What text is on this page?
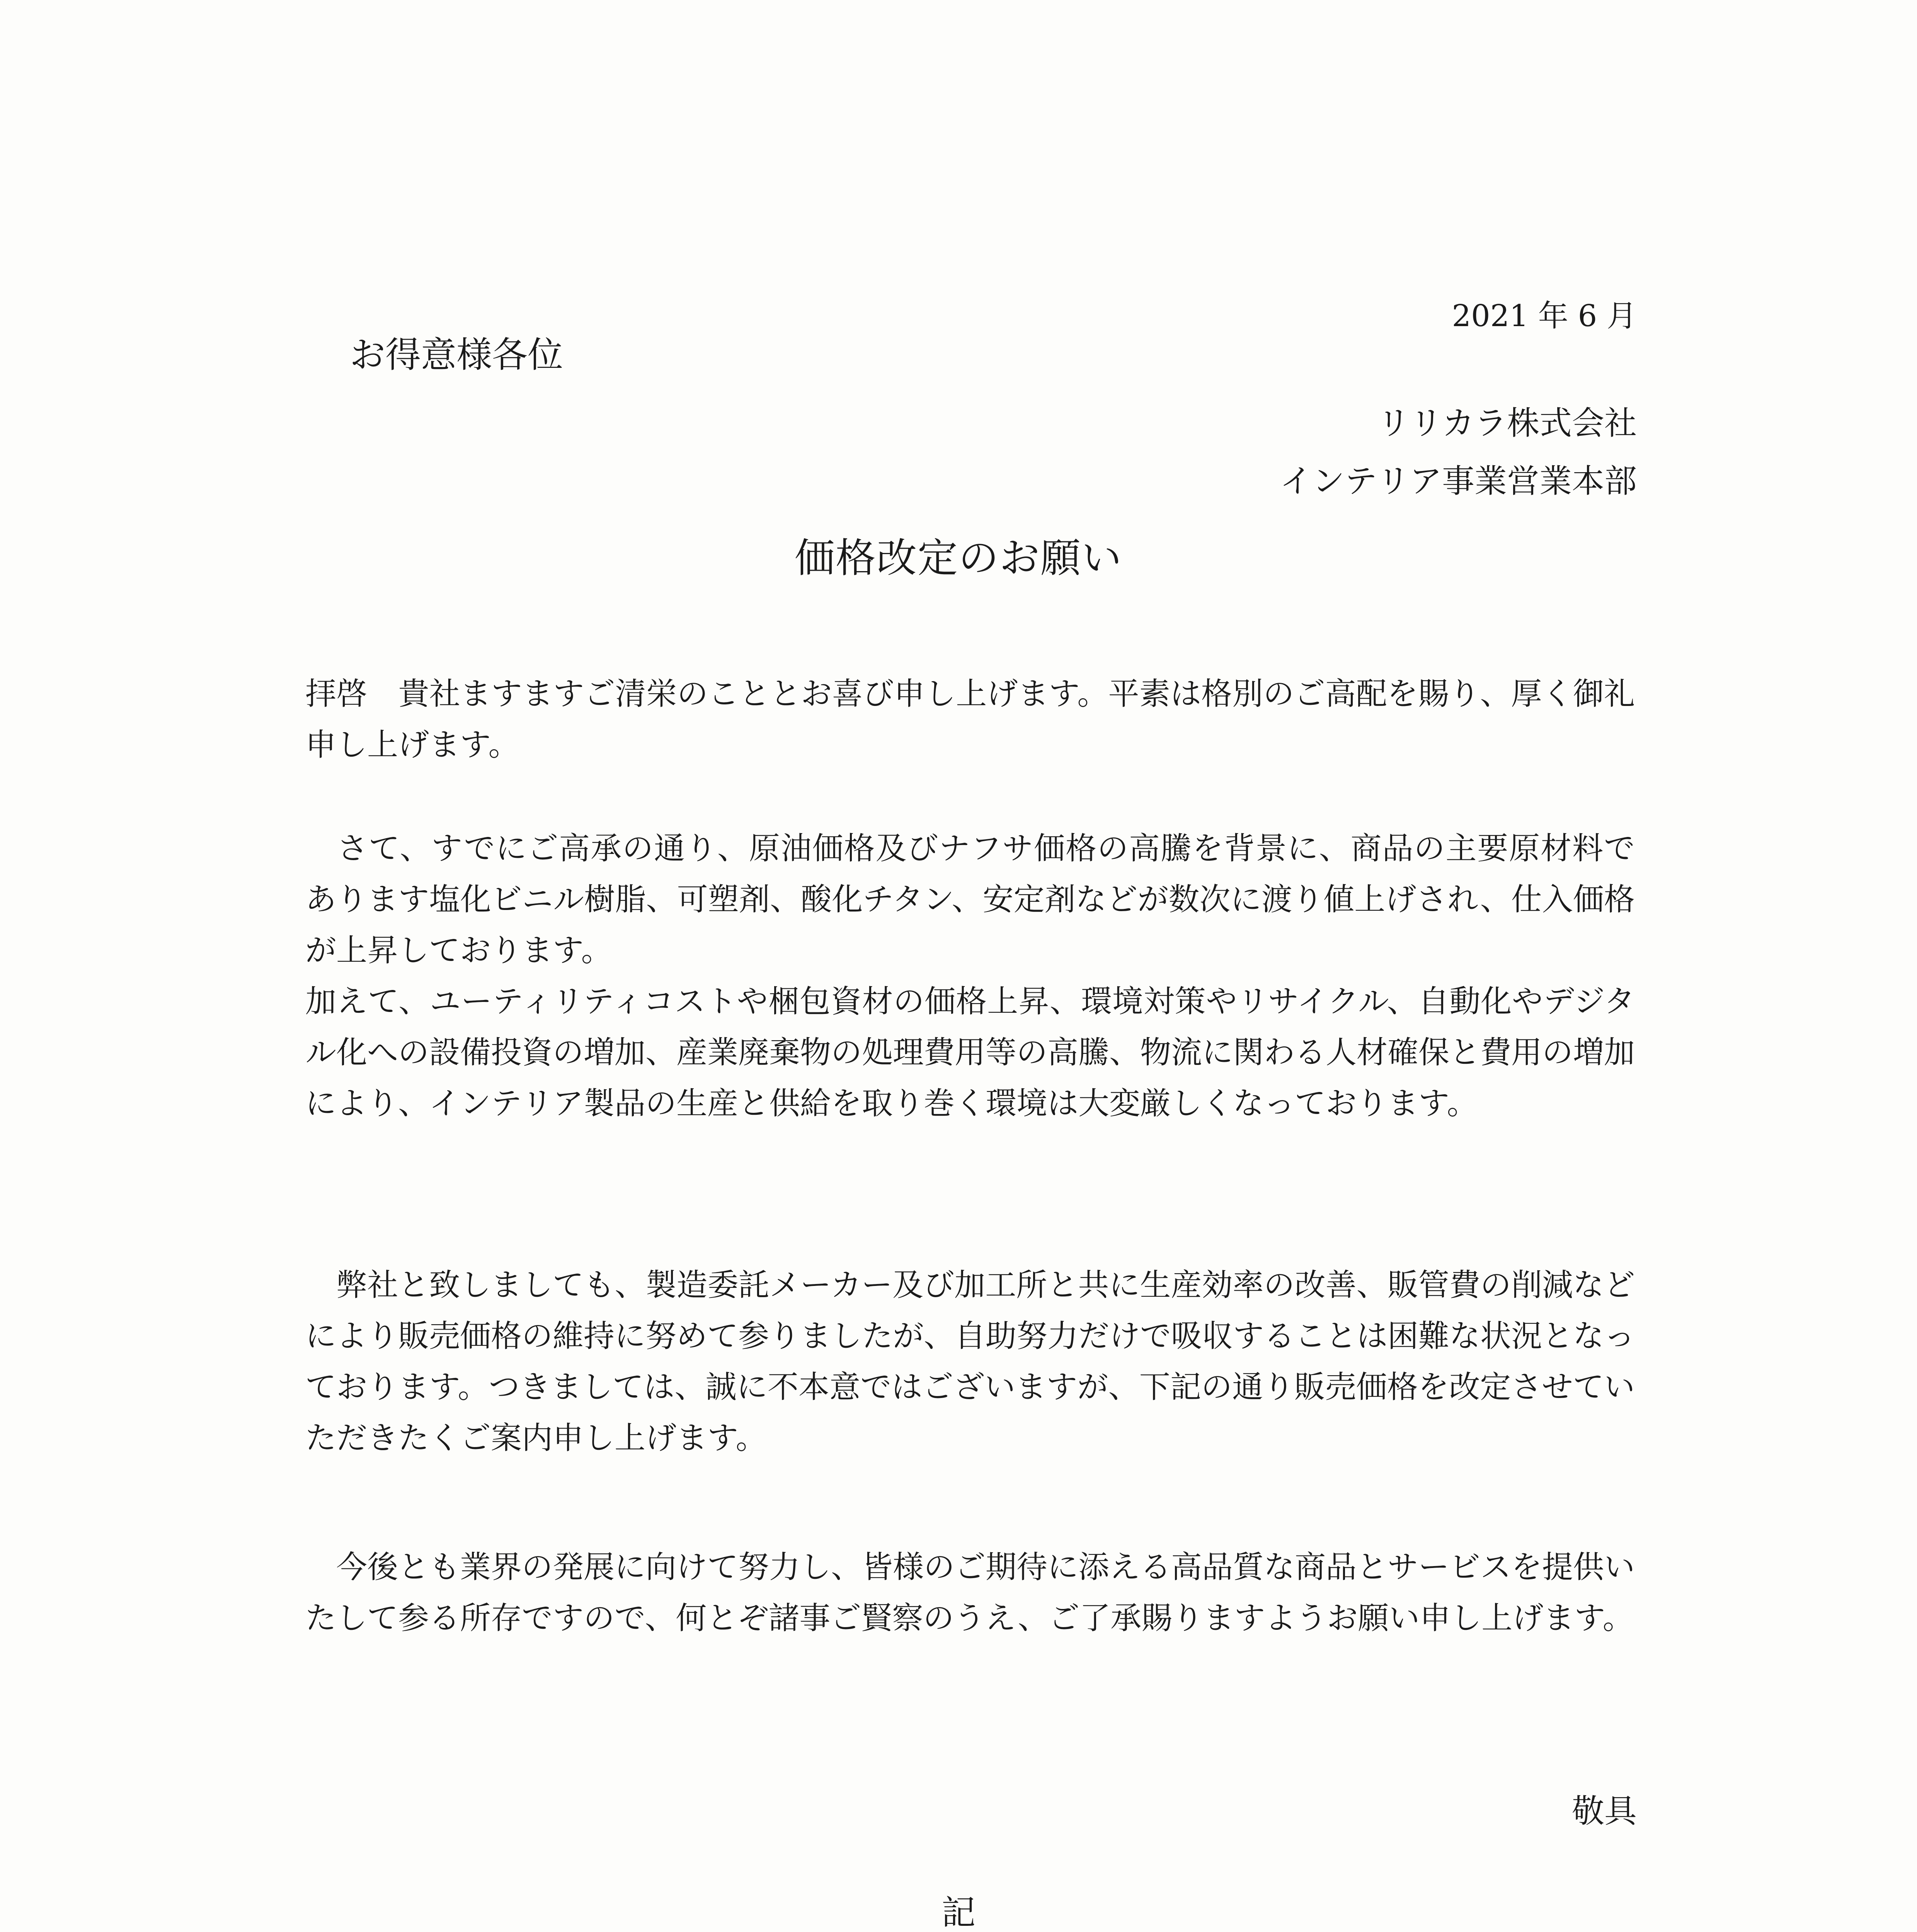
2021 年 6 月
お得意様各位
リリカラ株式会社
インテリア事業営業本部
価格改定のお願い

拝啓　貴社ますますご清栄のこととお喜び申し上げます。平素は格別のご高配を賜り、厚く御礼申し上げます。

　さて、すでにご高承の通り、原油価格及びナフサ価格の高騰を背景に、商品の主要原材料であります塩化ビニル樹脂、可塑剤、酸化チタン、安定剤などが数次に渡り値上げされ、仕入価格が上昇しております。

加えて、ユーティリティコストや梱包資材の価格上昇、環境対策やリサイクル、自動化やデジタル化への設備投資の増加、産業廃棄物の処理費用等の高騰、物流に関わる人材確保と費用の増加により、インテリア製品の生産と供給を取り巻く環境は大変厳しくなっております。

　弊社と致しましても、製造委託メーカー及び加工所と共に生産効率の改善、販管費の削減などにより販売価格の維持に努めて参りましたが、自助努力だけで吸収することは困難な状況となっております。つきましては、誠に不本意ではございますが、下記の通り販売価格を改定させていただきたくご案内申し上げます。

　今後とも業界の発展に向けて努力し、皆様のご期待に添える高品質な商品とサービスを提供いたして参る所存ですので、何とぞ諸事ご賢察のうえ、ご了承賜りますようお願い申し上げます。

敬具
記
